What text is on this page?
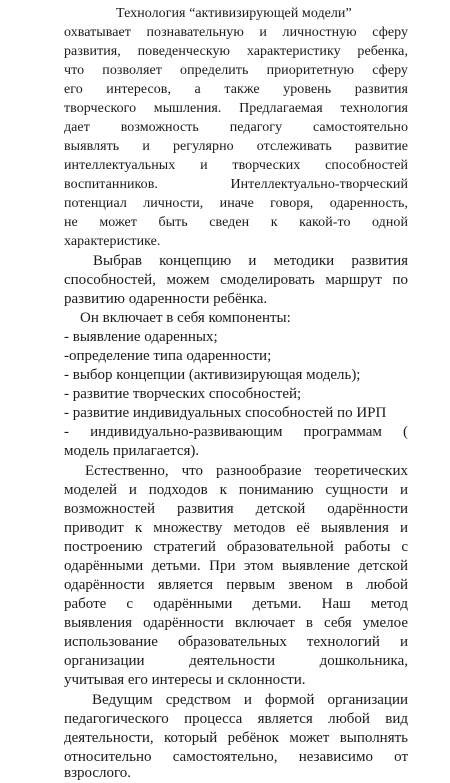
Технология “активизирующей модели”
охватывает познавательную и личностную сферу
развития, поведенческую характеристику ребенка,
что позволяет определить приоритетную сферу
его интересов, а также уровень развития
творческого мышления. Предлагаемая технология
дает возможность педагогу самостоятельно
выявлять и регулярно отслеживать развитие
интеллектуальных и творческих способностей
воспитанников. Интеллектуально-творческий
потенциал личности, иначе говоря, одаренность,
не может быть сведен к какой-то одной
характеристике.
Выбрав концепцию и методики развития
способностей, можем смоделировать маршрут по
развитию одаренности ребёнка.
Он включает в себя компоненты:
- выявление одаренных;
-определение типа одаренности;
- выбор концепции (активизирующая модель);
- развитие творческих способностей;
- развитие индивидуальных способностей по ИРП
- индивидуально-развивающим программам (
модель прилагается).
Естественно, что разнообразие теоретических
моделей и подходов к пониманию сущности и
возможностей развития детской одарённости
приводит к множеству методов её выявления и
построению стратегий образовательной работы с
одарёнными детьми. При этом выявление детской
одарённости является первым звеном в любой
работе с одарёнными детьми. Наш метод
выявления одарённости включает в себя умелое
использование образовательных технологий и
организации деятельности дошкольника,
учитывая его интересы и склонности.
Ведущим средством и формой организации
педагогического процесса является любой вид
деятельности, который ребёнок может выполнять
относительно самостоятельно, независимо от
взрослого.
